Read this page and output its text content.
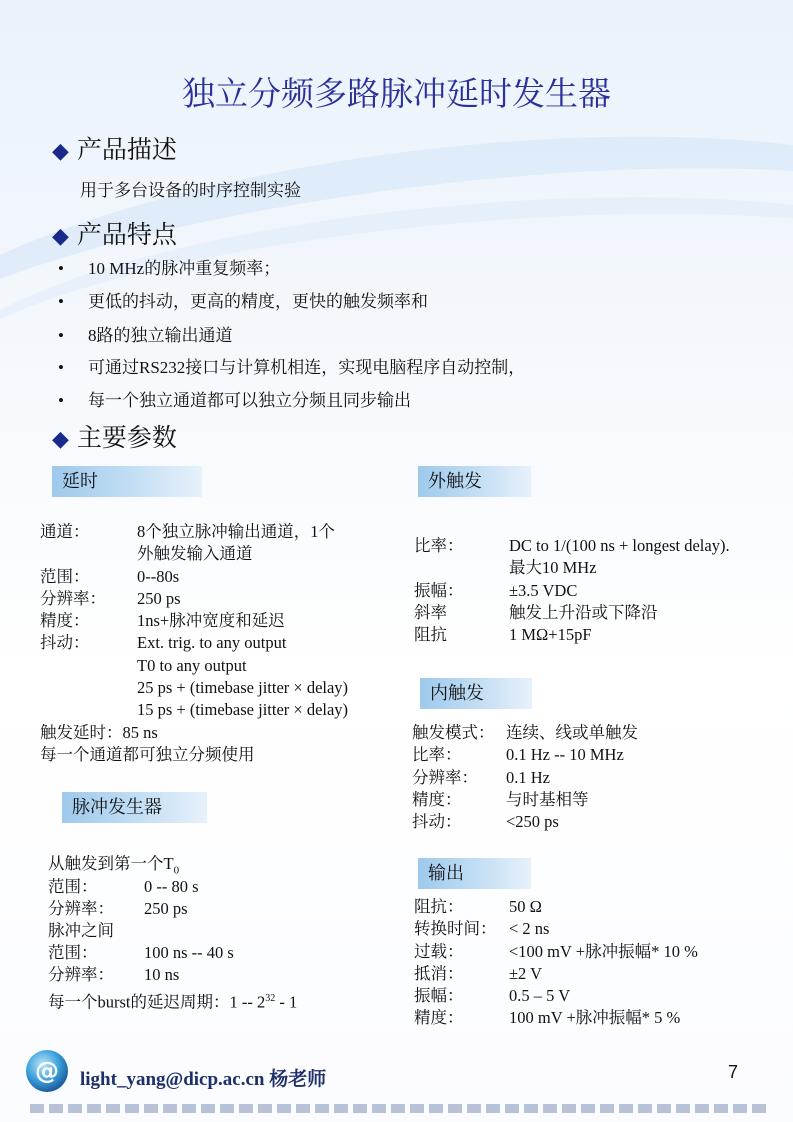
独立分频多路脉冲延时发生器
◆ 产品描述
用于多台设备的时序控制实验
◆ 产品特点
• 10 MHz的脉冲重复频率；
• 更低的抖动，更高的精度，更快的触发频率和
• 8路的独立输出通道
• 可通过RS232接口与计算机相连，实现电脑程序自动控制，
• 每一个独立通道都可以独立分频且同步输出
◆ 主要参数
延时
通道：	8个独立脉冲输出通道，1个
外触发输入通道
范围：	0--80s
分辨率： 250 ps
精度：	1ns+脉冲宽度和延迟
抖动：	Ext. trig. to any output
T0 to any output
25 ps + (timebase jitter × delay)
15 ps + (timebase jitter × delay)
触发延时：85 ns
每一个通道都可独立分频使用
脉冲发生器
从触发到第一个$T_0$
范围：	0 -- 80 s
分辨率： 250 ps
脉冲之间
范围：	100 ns -- 40 s
分辨率： 10 ns
每一个burst的延迟周期：$1 -- 2^{32} - 1$
外触发
比率：	DC to 1/(100 ns + longest delay).
最大10 MHz
振幅：	±3.5 VDC
斜率	触发上升沿或下降沿
阻抗	1 MΩ+15pF
内触发
触发模式： 连续、线或单触发
比率：	0.1 Hz -- 10 MHz
分辨率： 0.1 Hz
精度：	与时基相等
抖动：	<250 ps
输出
阻抗：	50 Ω
转换时间： < 2 ns
过载：	<100 mV +脉冲振幅* 10 %
抵消：	±2 V
振幅：	0.5 – 5 V
精度：	100 mV +脉冲振幅* 5 %
@ light_yang@dicp.ac.cn 杨老师	7
